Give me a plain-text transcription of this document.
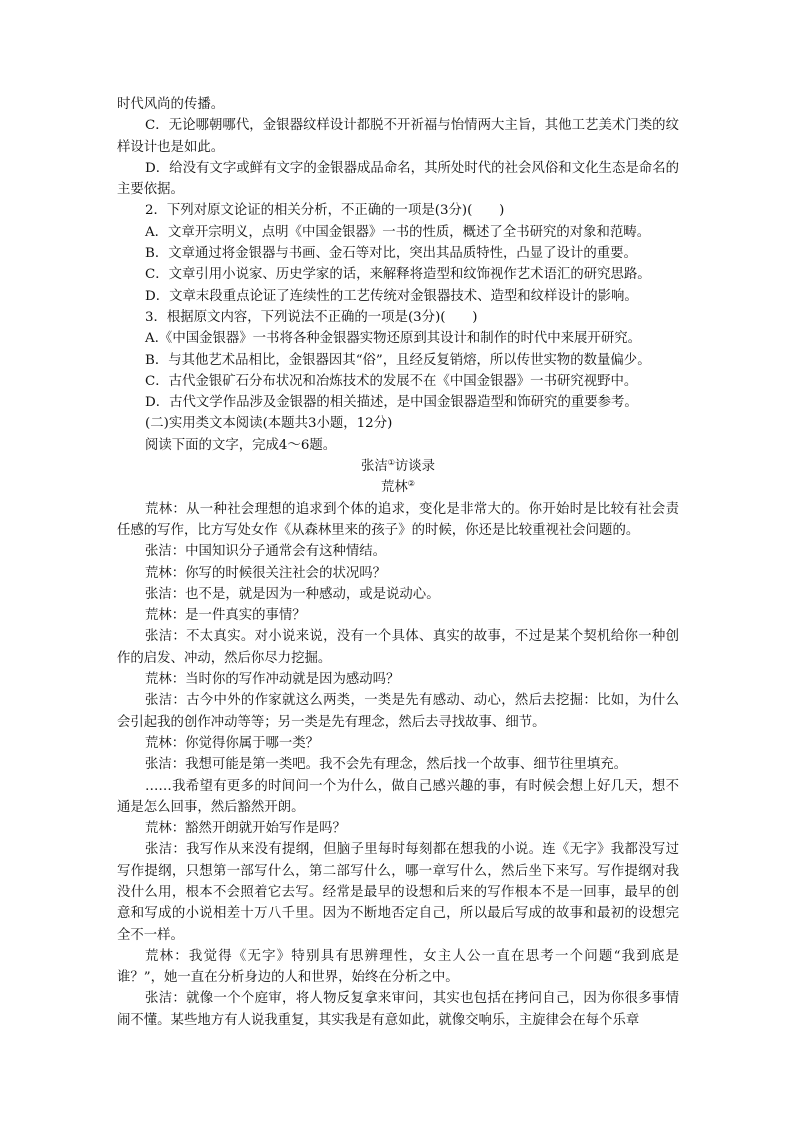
时代风尚的传播。

C．无论哪朝哪代，金银器纹样设计都脱不开祈福与怡情两大主旨，其他工艺美术门类的纹样设计也是如此。

D．给没有文字或鲜有文字的金银器成品命名，其所处时代的社会风俗和文化生态是命名的主要依据。

2．下列对原文论证的相关分析，不正确的一项是(3分)(　　)

A．文章开宗明义，点明《中国金银器》一书的性质，概述了全书研究的对象和范畴。

B．文章通过将金银器与书画、金石等对比，突出其品质特性，凸显了设计的重要。

C．文章引用小说家、历史学家的话，来解释将造型和纹饰视作艺术语汇的研究思路。

D．文章末段重点论证了连续性的工艺传统对金银器技术、造型和纹样设计的影响。

3．根据原文内容，下列说法不正确的一项是(3分)(　　)

A.《中国金银器》一书将各种金银器实物还原到其设计和制作的时代中来展开研究。

B．与其他艺术品相比，金银器因其“俗”，且经反复销熔，所以传世实物的数量偏少。

C．古代金银矿石分布状况和冶炼技术的发展不在《中国金银器》一书研究视野中。

D．古代文学作品涉及金银器的相关描述，是中国金银器造型和饰研究的重要参考。

(二)实用类文本阅读(本题共3小题，12分)

阅读下面的文字，完成4～6题。

张洁①访谈录

荒林②

荒林：从一种社会理想的追求到个体的追求，变化是非常大的。你开始时是比较有社会责任感的写作，比方写处女作《从森林里来的孩子》的时候，你还是比较重视社会问题的。

张洁：中国知识分子通常会有这种情结。

荒林：你写的时候很关注社会的状况吗？

张洁：也不是，就是因为一种感动，或是说动心。

荒林：是一件真实的事情？

张洁：不太真实。对小说来说，没有一个具体、真实的故事，不过是某个契机给你一种创作的启发、冲动，然后你尽力挖掘。

荒林：当时你的写作冲动就是因为感动吗？

张洁：古今中外的作家就这么两类，一类是先有感动、动心，然后去挖掘：比如，为什么会引起我的创作冲动等等；另一类是先有理念，然后去寻找故事、细节。

荒林：你觉得你属于哪一类？

张洁：我想可能是第一类吧。我不会先有理念，然后找一个故事、细节往里填充。

……我希望有更多的时间问一个为什么，做自己感兴趣的事，有时候会想上好几天，想不通是怎么回事，然后豁然开朗。

荒林：豁然开朗就开始写作是吗？

张洁：我写作从来没有提纲，但脑子里每时每刻都在想我的小说。连《无字》我都没写过写作提纲，只想第一部写什么，第二部写什么，哪一章写什么，然后坐下来写。写作提纲对我没什么用，根本不会照着它去写。经常是最早的设想和后来的写作根本不是一回事，最早的创意和写成的小说相差十万八千里。因为不断地否定自己，所以最后写成的故事和最初的设想完全不一样。

荒林：我觉得《无字》特别具有思辨理性，女主人公一直在思考一个问题“我到底是谁？”，她一直在分析身边的人和世界，始终在分析之中。

张洁：就像一个个庭审，将人物反复拿来审问，其实也包括在拷问自己，因为你很多事情闹不懂。某些地方有人说我重复，其实我是有意如此，就像交响乐，主旋律会在每个乐章
